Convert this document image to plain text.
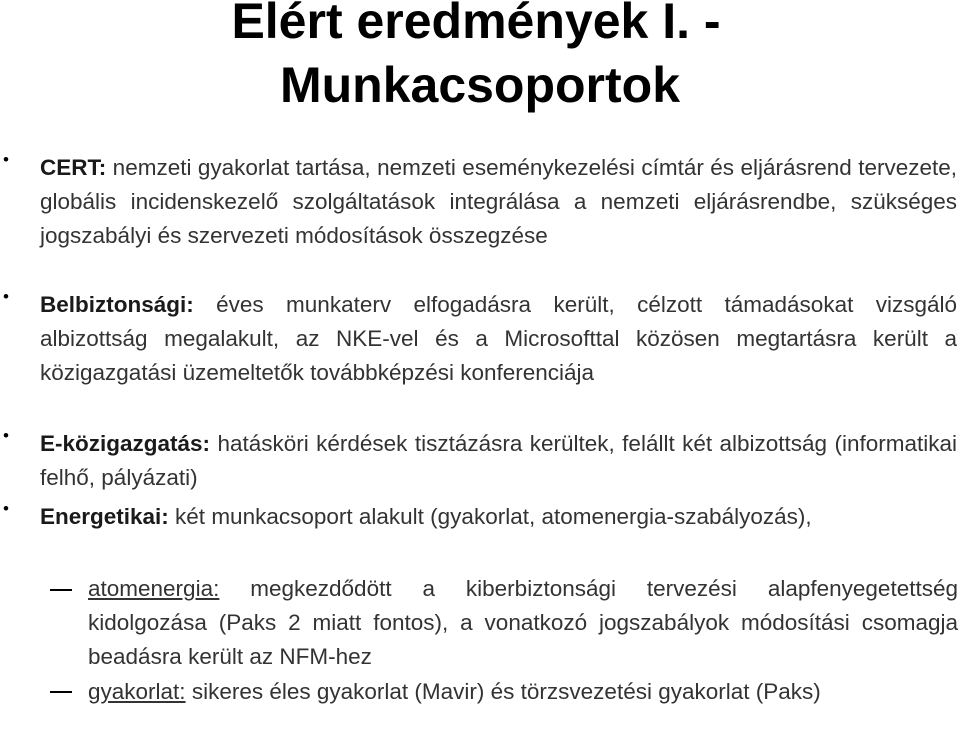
Elért eredmények I. -
Munkacsoportok
• CERT: nemzeti gyakorlat tartása, nemzeti eseménykezelési címtár és eljárásrend tervezete, globális incidenskezelő szolgáltatások integrálása a nemzeti eljárásrendbe, szükséges jogszabályi és szervezeti módosítások összegzése
• Belbiztonsági: éves munkaterv elfogadásra került, célzott támadásokat vizsgáló albizottság megalakult, az NKE-vel és a Microsofttal közösen megtartásra került a közigazgatási üzemeltetők továbbképzési konferenciája
• E-közigazgatás: hatásköri kérdések tisztázásra kerültek, felállt két albizottság (informatikai felhő, pályázati)
• Energetikai: két munkacsoport alakult (gyakorlat, atomenergia-szabályozás),
atomenergia: megkezdődött a kiberbiztonsági tervezési alapfenyegetettség kidolgozása (Paks 2 miatt fontos), a vonatkozó jogszabályok módosítási csomagja beadásra került az NFM-hez
gyakorlat: sikeres éles gyakorlat (Mavir) és törzsvezetési gyakorlat (Paks)
